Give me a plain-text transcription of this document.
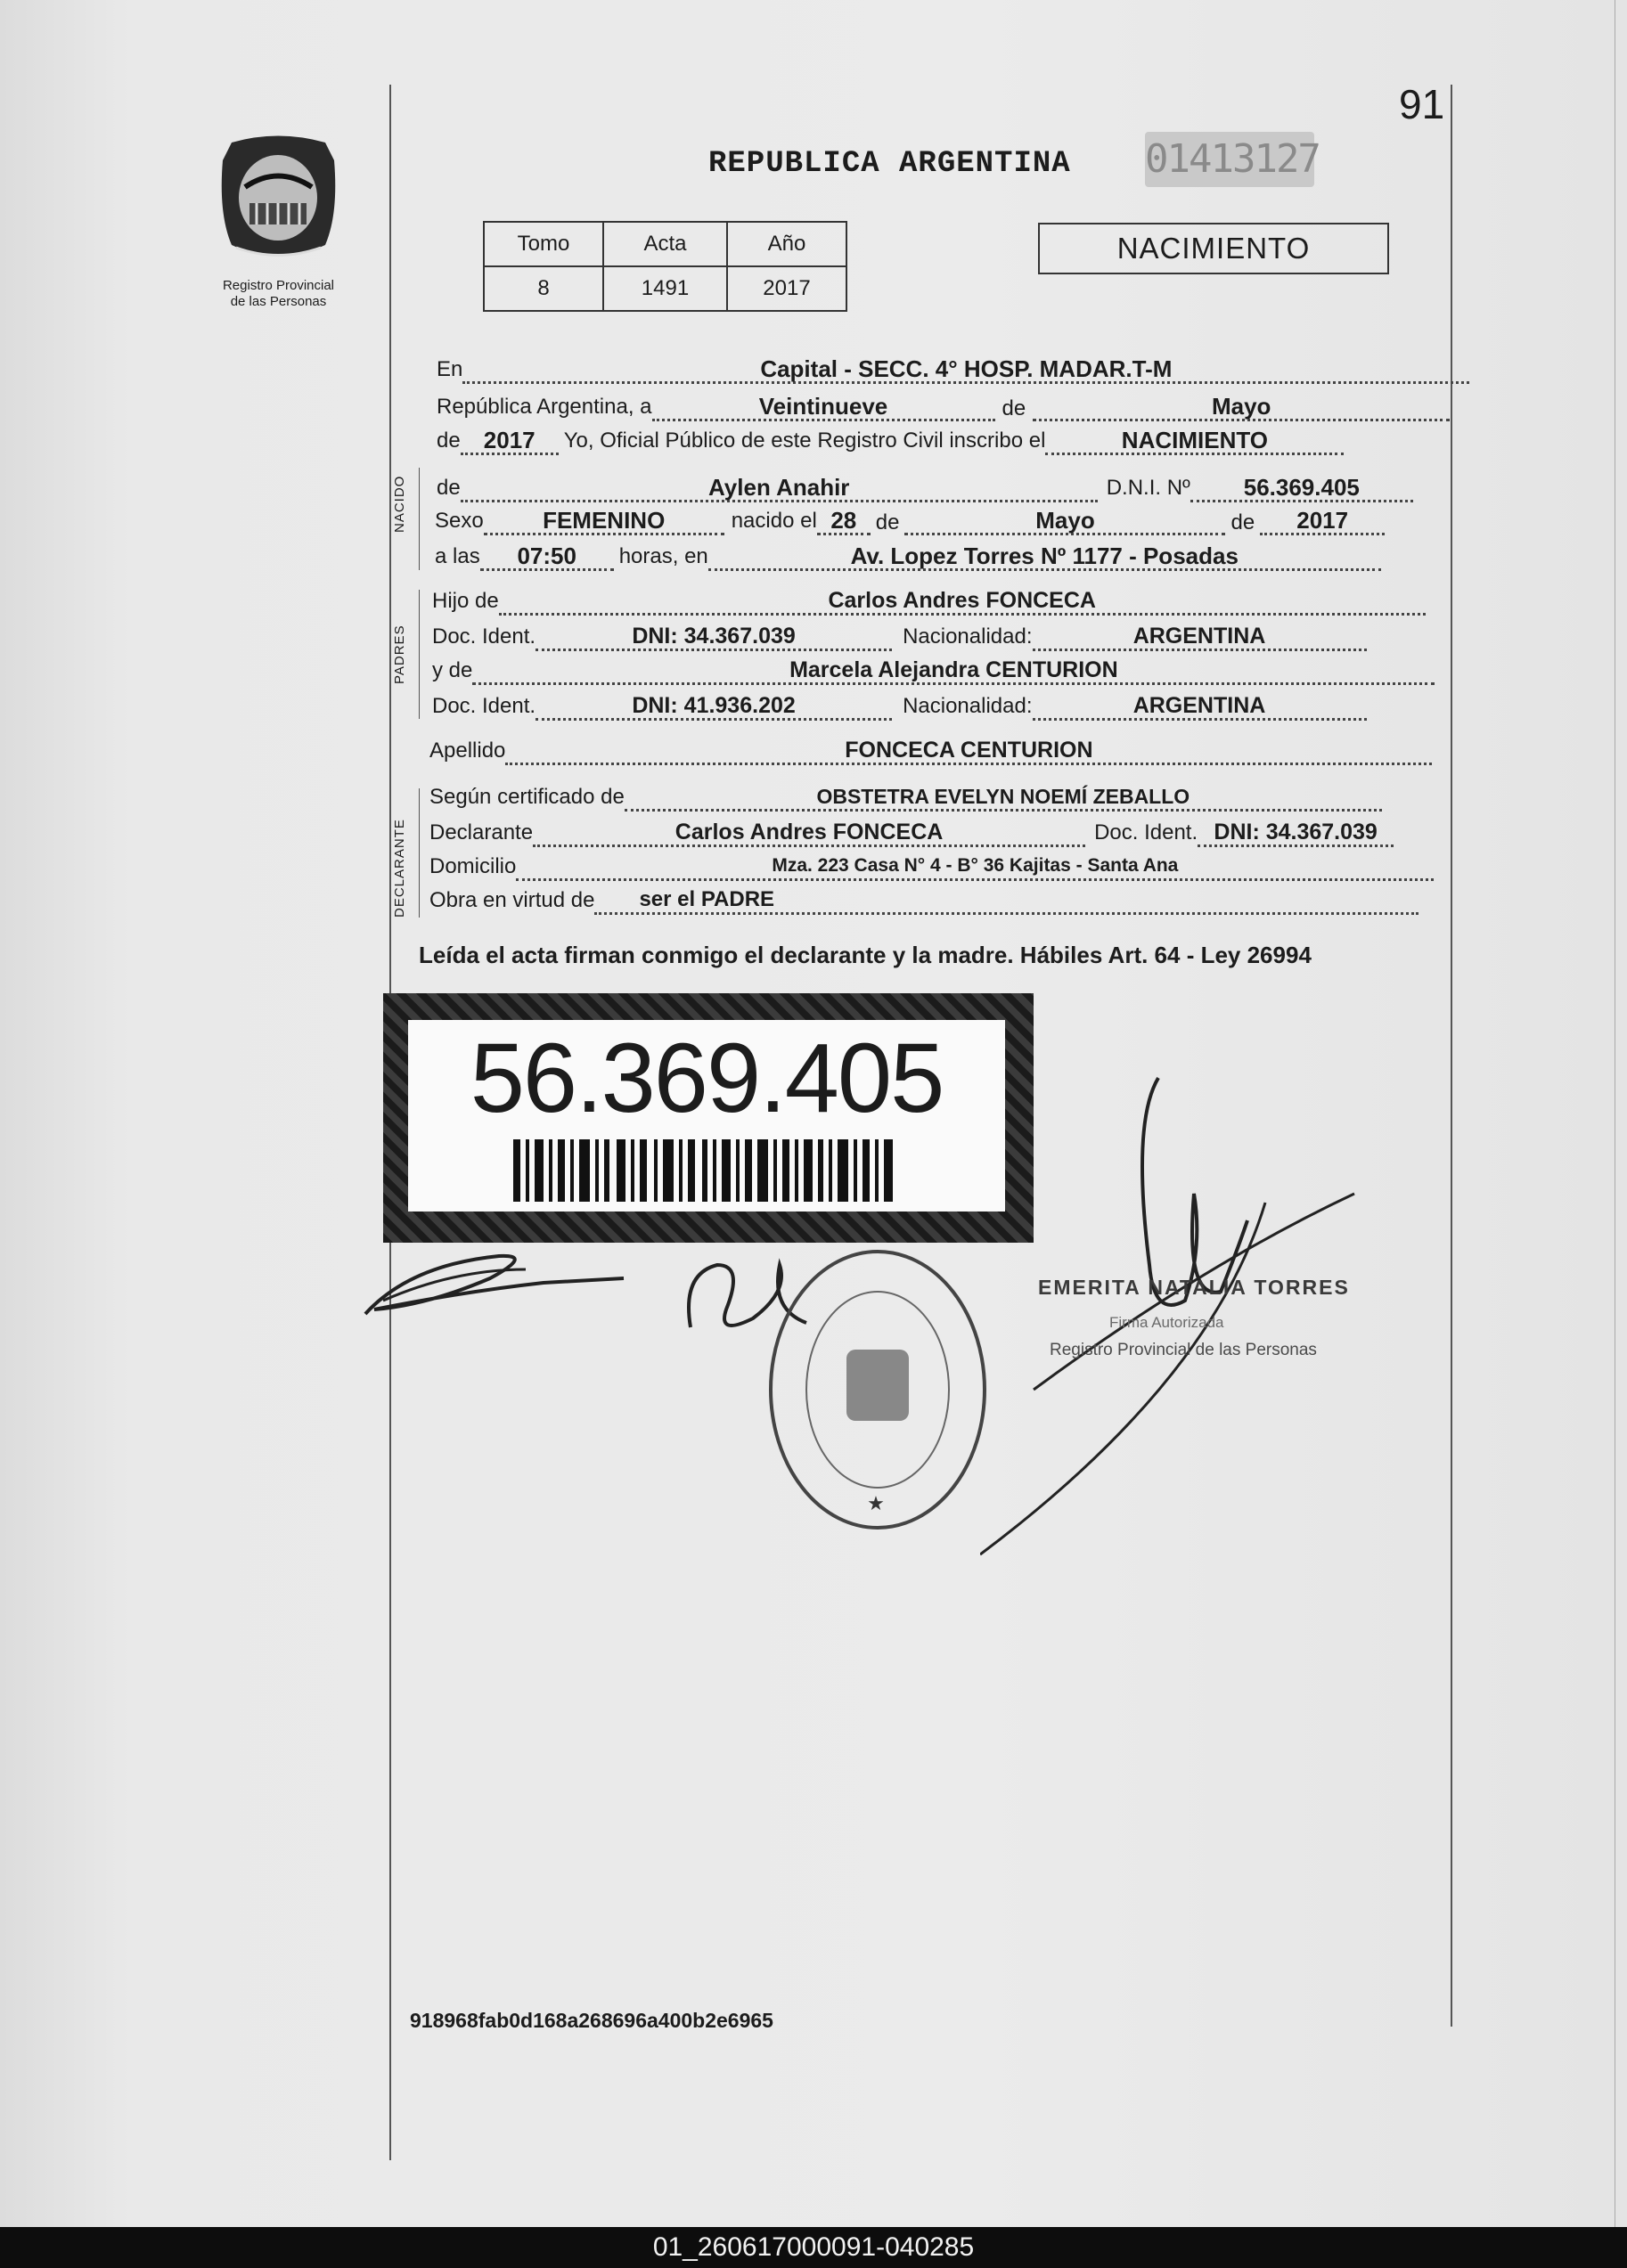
91
Registro Provincial
de las Personas
REPUBLICA ARGENTINA 01413127
Tomo	Acta	Año
8	1491	2017
NACIMIENTO
NACIDO
PADRES
DECLARANTE
En	Capital - SECC. 4° HOSP. MADAR.T-M
República Argentina, a	Veintinueve	de	Mayo
de	2017	Yo, Oficial Público de este Registro Civil inscribo el	NACIMIENTO
de	Aylen Anahir	D.N.I. Nº	56.369.405
Sexo	FEMENINO	nacido el 28 de	Mayo	de	2017
a las	07:50	horas, en	Av. Lopez Torres Nº 1177 - Posadas
Hijo de	Carlos Andres FONCECA
Doc. Ident.	DNI: 34.367.039	Nacionalidad:	ARGENTINA
y de	Marcela Alejandra CENTURION
Doc. Ident.	DNI: 41.936.202	Nacionalidad:	ARGENTINA
Apellido	FONCECA CENTURION
Según certificado de	OBSTETRA EVELYN NOEMÍ ZEBALLO
Declarante	Carlos Andres FONCECA	Doc. Ident. DNI: 34.367.039
Domicilio	Mza. 223 Casa N° 4 - B° 36 Kajitas - Santa Ana
Obra en virtud de	ser el PADRE
Leída el acta firman conmigo el declarante y la madre. Hábiles Art. 64 - Ley 26994
56.369.405
★
EMERITA NATALIA TORRES
Firma Autorizada
Registro Provincial de las Personas
918968fab0d168a268696a400b2e6965
01_260617000091-040285
